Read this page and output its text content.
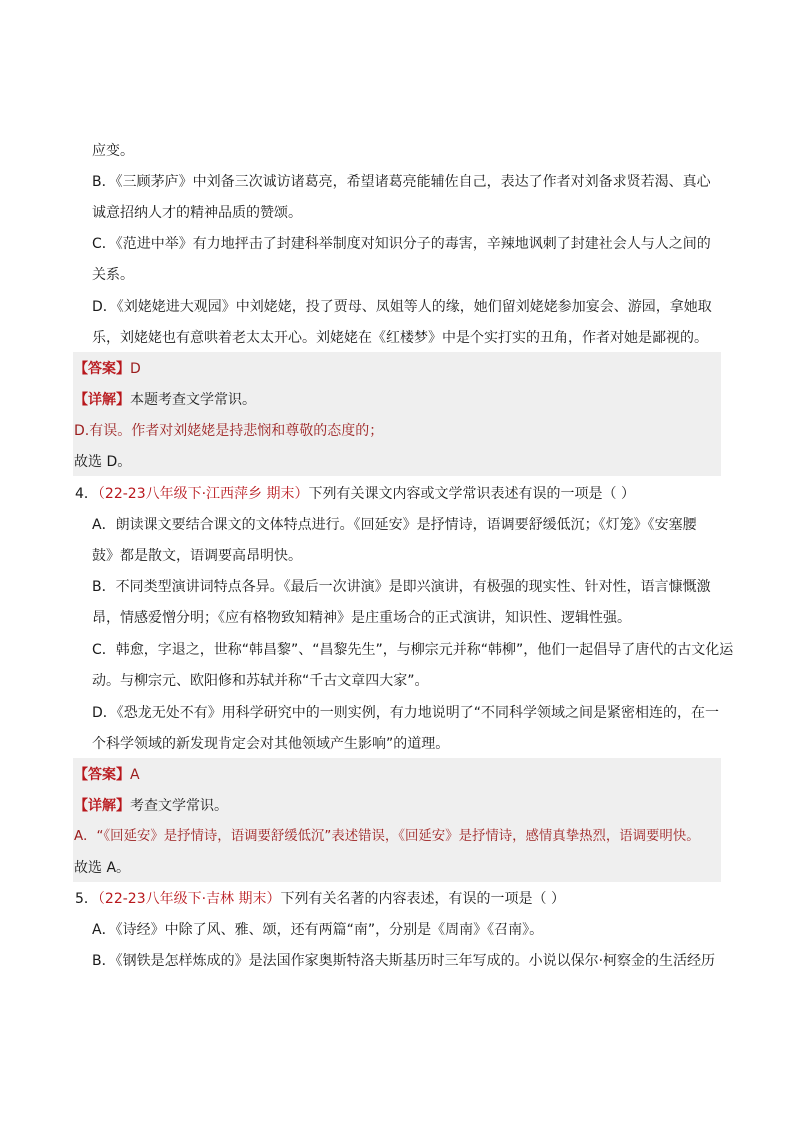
应变。
B．《三顾茅庐》中刘备三次诚访诸葛亮，希望诸葛亮能辅佐自己，表达了作者对刘备求贤若渴、真心
诚意招纳人才的精神品质的赞颂。
C．《范进中举》有力地抨击了封建科举制度对知识分子的毒害，辛辣地讽刺了封建社会人与人之间的
关系。
D．《刘姥姥进大观园》中刘姥姥，投了贾母、凤姐等人的缘，她们留刘姥姥参加宴会、游园，拿她取
乐，刘姥姥也有意哄着老太太开心。刘姥姥在《红楼梦》中是个实打实的丑角，作者对她是鄙视的。
【答案】D
【详解】本题考查文学常识。
D.有误。作者对刘姥姥是持悲悯和尊敬的态度的；
故选 D。
4．（22-23八年级下·江西萍乡 期末）下列有关课文内容或文学常识表述有误的一项是（ ）
A．朗读课文要结合课文的文体特点进行。《回延安》是抒情诗，语调要舒缓低沉；《灯笼》《安塞腰
鼓》都是散文，语调要高昂明快。
B．不同类型演讲词特点各异。《最后一次讲演》是即兴演讲，有极强的现实性、针对性，语言慷慨激
昂，情感爱憎分明；《应有格物致知精神》是庄重场合的正式演讲，知识性、逻辑性强。
C．韩愈，字退之，世称“韩昌黎”、“昌黎先生”，与柳宗元并称“韩柳”，他们一起倡导了唐代的古文化运
动。与柳宗元、欧阳修和苏轼并称“千古文章四大家”。
D．《恐龙无处不有》用科学研究中的一则实例，有力地说明了“不同科学领域之间是紧密相连的，在一
个科学领域的新发现肯定会对其他领域产生影响”的道理。
【答案】A
【详解】考查文学常识。
A．“《回延安》是抒情诗，语调要舒缓低沉”表述错误，《回延安》是抒情诗，感情真挚热烈，语调要明快。
故选 A。
5．（22-23八年级下·吉林 期末）下列有关名著的内容表述，有误的一项是（ ）
A．《诗经》中除了风、雅、颂，还有两篇“南”，分别是《周南》《召南》。
B．《钢铁是怎样炼成的》是法国作家奥斯特洛夫斯基历时三年写成的。小说以保尔·柯察金的生活经历
